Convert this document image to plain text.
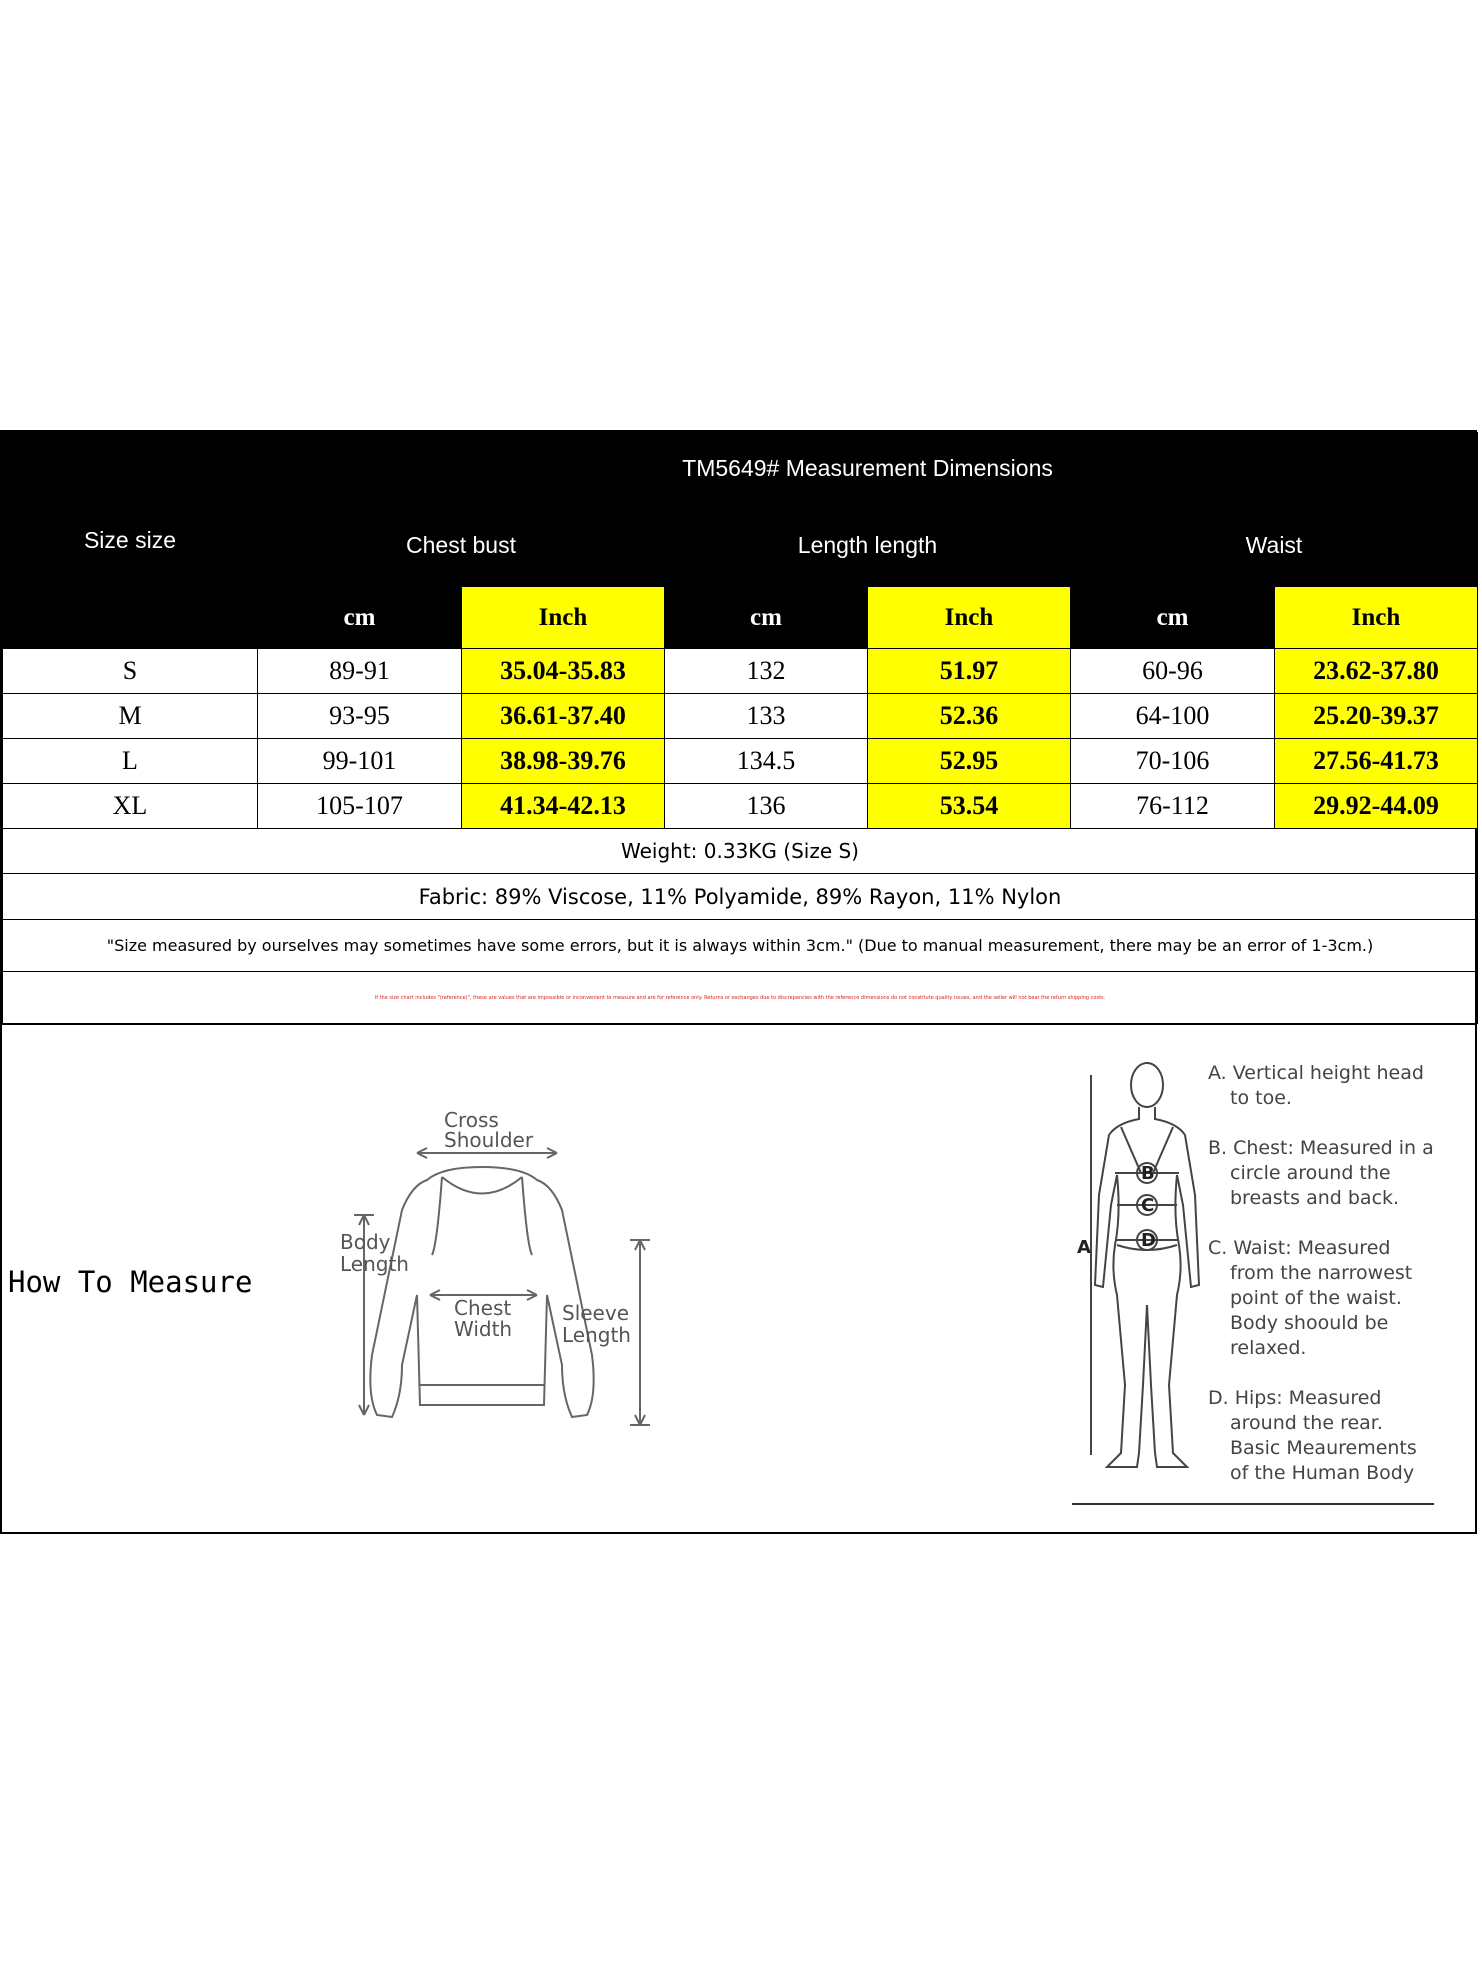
Size size	TM5649# Measurement Dimensions					
	Chest bust		Length length		Waist	
	cm	Inch	cm	Inch	cm	Inch
S	89-91	35.04-35.83	132	51.97	60-96	23.62-37.80
M	93-95	36.61-37.40	133	52.36	64-100	25.20-39.37
L	99-101	38.98-39.76	134.5	52.95	70-106	27.56-41.73
XL	105-107	41.34-42.13	136	53.54	76-112	29.92-44.09
Weight: 0.33KG (Size S)						
Fabric: 89% Viscose, 11% Polyamide, 89% Rayon, 11% Nylon						
"Size measured by ourselves may sometimes have some errors, but it is always within 3cm." (Due to manual measurement, there may be an error of 1-3cm.)						
If the size chart includes "(reference)", these are values that are impossible or inconvenient to measure and are for reference only. Returns or exchanges due to discrepancies with the reference dimensions do not constitute quality issues, and the seller will not bear the return shipping costs.						
How To Measure
Cross
Shoulder
Body
Length
Chest
Width
Sleeve
Length
B
C
D
A
A. Vertical height head to toe.
B. Chest: Measured in a circle around the breasts and back.
C. Waist: Measured from the narrowest point of the waist. Body shoould be relaxed.
D. Hips: Measured around the rear. Basic Meaurements of the Human Body
